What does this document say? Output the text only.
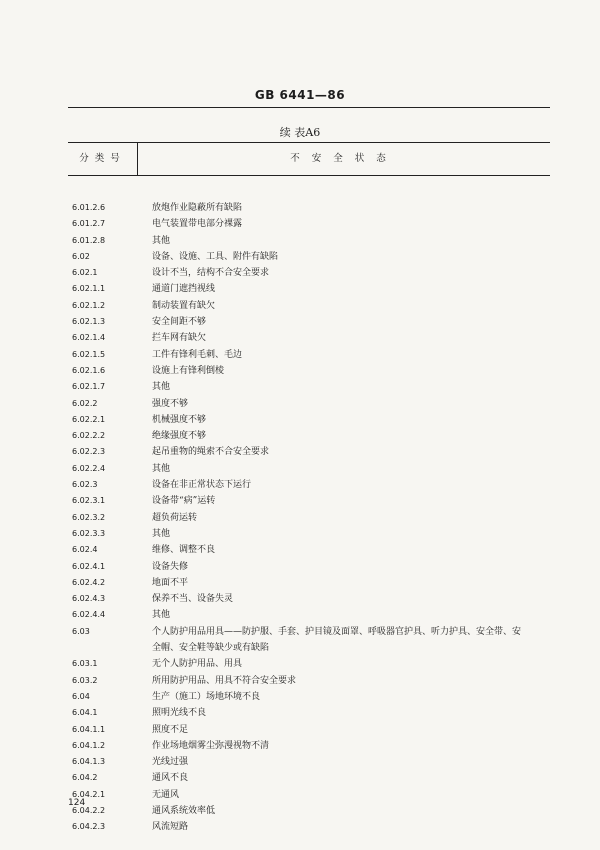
GB 6441—86
续 表A6
分类号	不安全状态
6.01.2.6	放炮作业隐蔽所有缺陷
6.01.2.7	电气装置带电部分裸露
6.01.2.8	其他
6.02	设备、设施、工具、附件有缺陷
6.02.1	设计不当，结构不合安全要求
6.02.1.1	通道门遮挡视线
6.02.1.2	制动装置有缺欠
6.02.1.3	安全间距不够
6.02.1.4	拦车网有缺欠
6.02.1.5	工件有锋利毛刺、毛边
6.02.1.6	设施上有锋利倒棱
6.02.1.7	其他
6.02.2	强度不够
6.02.2.1	机械强度不够
6.02.2.2	绝缘强度不够
6.02.2.3	起吊重物的绳索不合安全要求
6.02.2.4	其他
6.02.3	设备在非正常状态下运行
6.02.3.1	设备带“病”运转
6.02.3.2	超负荷运转
6.02.3.3	其他
6.02.4	维修、调整不良
6.02.4.1	设备失修
6.02.4.2	地面不平
6.02.4.3	保养不当、设备失灵
6.02.4.4	其他
6.03	个人防护用品用具——防护服、手套、护目镜及面罩、呼吸器官护具、听力护具、安全带、安
全帽、安全鞋等缺少或有缺陷
6.03.1	无个人防护用品、用具
6.03.2	所用防护用品、用具不符合安全要求
6.04	生产（施工）场地环境不良
6.04.1	照明光线不良
6.04.1.1	照度不足
6.04.1.2	作业场地烟雾尘弥漫视物不清
6.04.1.3	光线过强
6.04.2	通风不良
6.04.2.1	无通风
6.04.2.2	通风系统效率低
6.04.2.3	风流短路
124
